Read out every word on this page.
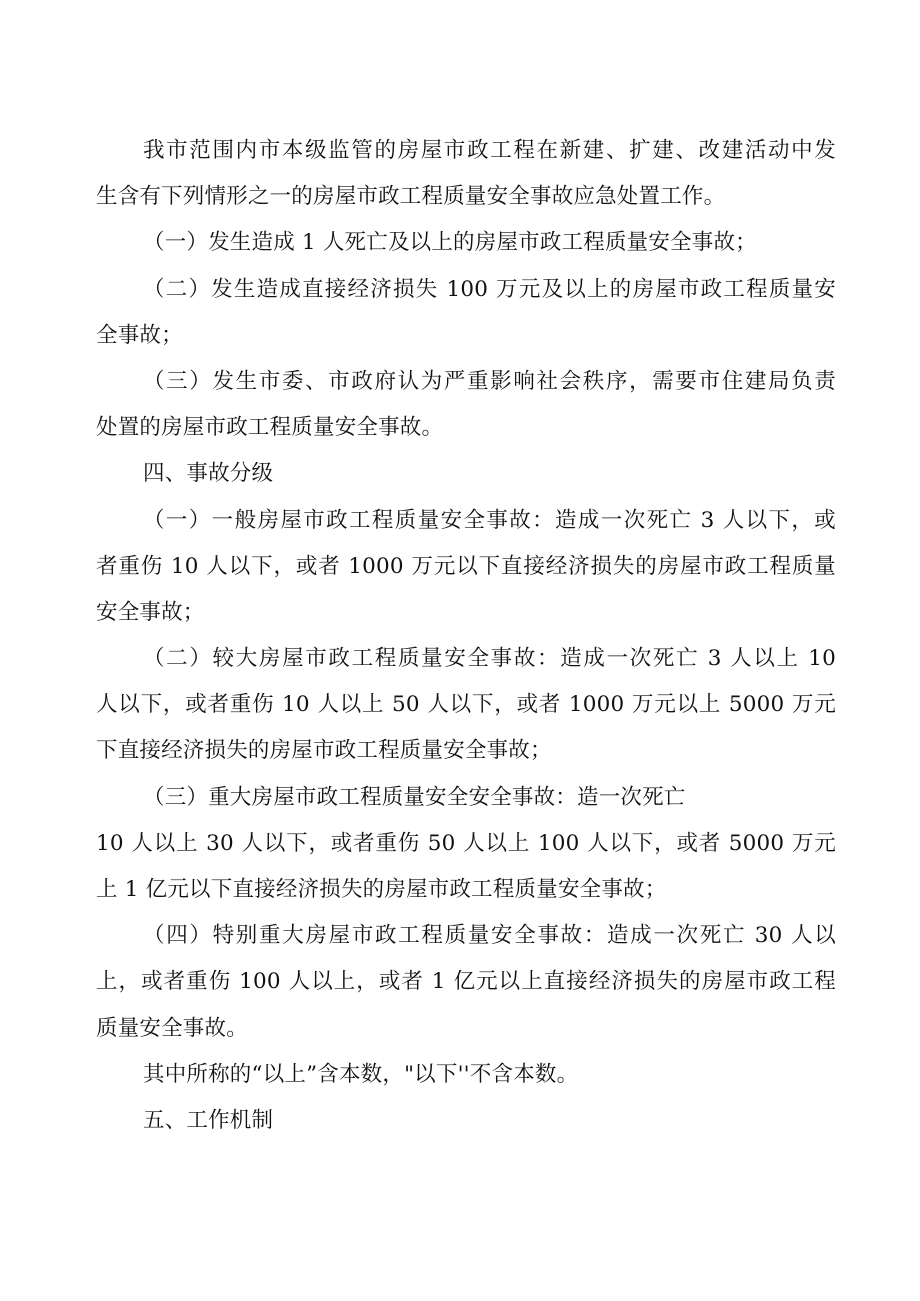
我市范围内市本级监管的房屋市政工程在新建、扩建、改建活动中发
生含有下列情形之一的房屋市政工程质量安全事故应急处置工作。
（一）发生造成 1 人死亡及以上的房屋市政工程质量安全事故；
（二）发生造成直接经济损失 100 万元及以上的房屋市政工程质量安
全事故；
（三）发生市委、市政府认为严重影响社会秩序，需要市住建局负责
处置的房屋市政工程质量安全事故。
四、事故分级
（一）一般房屋市政工程质量安全事故：造成一次死亡 3 人以下，或
者重伤 10 人以下，或者 1000 万元以下直接经济损失的房屋市政工程质量
安全事故；
（二）较大房屋市政工程质量安全事故：造成一次死亡 3 人以上 10
人以下，或者重伤 10 人以上 50 人以下，或者 1000 万元以上 5000 万元
下直接经济损失的房屋市政工程质量安全事故；
（三）重大房屋市政工程质量安全安全事故：造一次死亡
10 人以上 30 人以下，或者重伤 50 人以上 100 人以下，或者 5000 万元
上 1 亿元以下直接经济损失的房屋市政工程质量安全事故；
（四）特别重大房屋市政工程质量安全事故：造成一次死亡 30 人以
上，或者重伤 100 人以上，或者 1 亿元以上直接经济损失的房屋市政工程
质量安全事故。
其中所称的“以上”含本数，"以下''不含本数。
五、工作机制
